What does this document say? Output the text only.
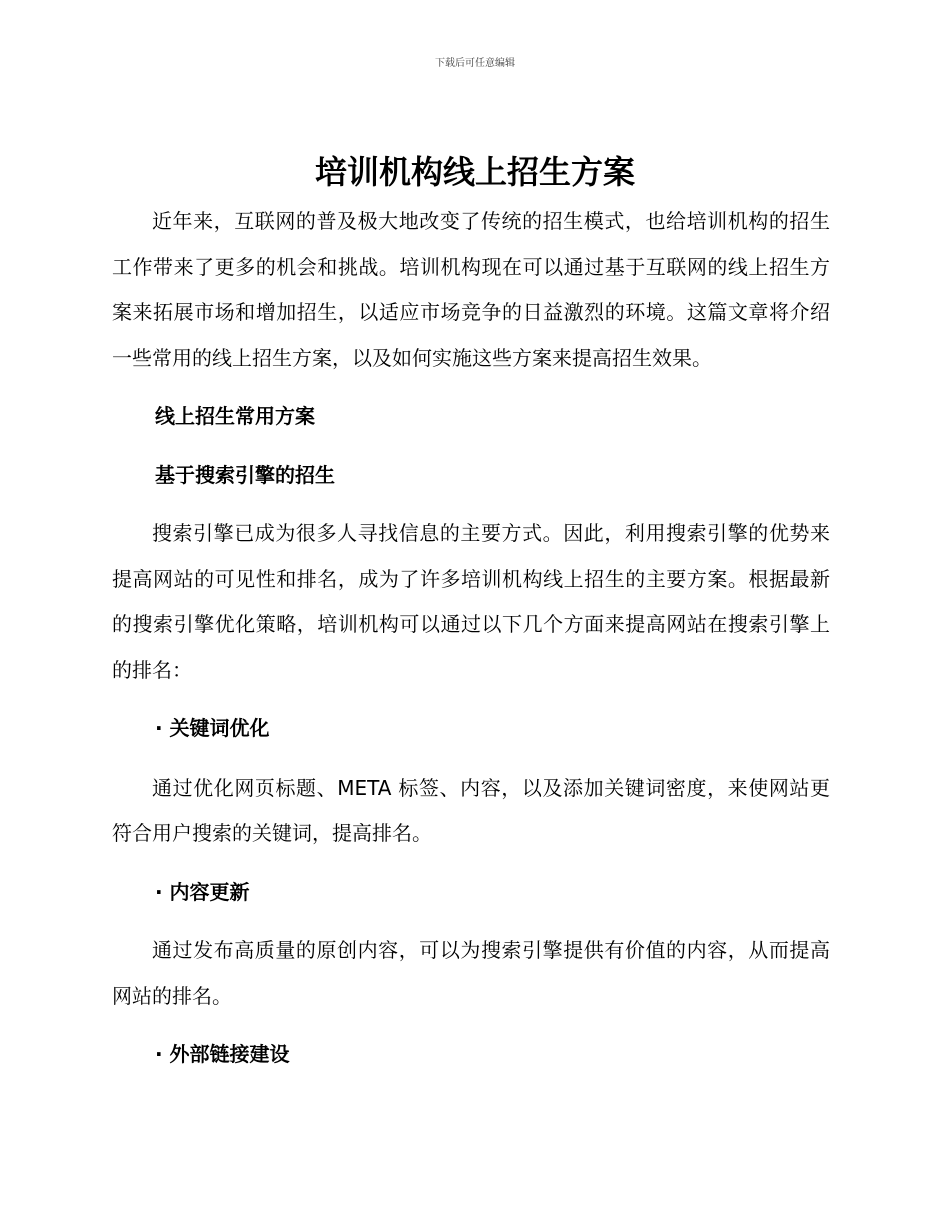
下载后可任意编辑
培训机构线上招生方案

近年来，互联网的普及极大地改变了传统的招生模式，也给培训机构的招生工作带来了更多的机会和挑战。培训机构现在可以通过基于互联网的线上招生方案来拓展市场和增加招生，以适应市场竞争的日益激烈的环境。这篇文章将介绍一些常用的线上招生方案，以及如何实施这些方案来提高招生效果。

线上招生常用方案
基于搜索引擎的招生

搜索引擎已成为很多人寻找信息的主要方式。因此，利用搜索引擎的优势来提高网站的可见性和排名，成为了许多培训机构线上招生的主要方案。根据最新的搜索引擎优化策略，培训机构可以通过以下几个方面来提高网站在搜索引擎上的排名：

· 关键词优化

通过优化网页标题、META 标签、内容，以及添加关键词密度，来使网站更符合用户搜索的关键词，提高排名。

· 内容更新

通过发布高质量的原创内容，可以为搜索引擎提供有价值的内容，从而提高网站的排名。

· 外部链接建设
